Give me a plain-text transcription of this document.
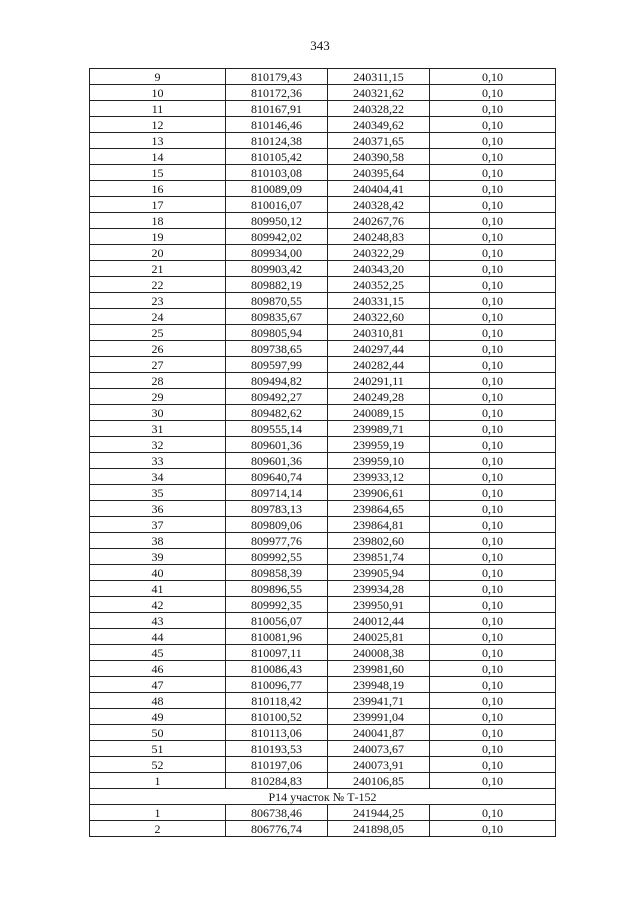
343
9	810179,43	240311,15	0,10
10	810172,36	240321,62	0,10
11	810167,91	240328,22	0,10
12	810146,46	240349,62	0,10
13	810124,38	240371,65	0,10
14	810105,42	240390,58	0,10
15	810103,08	240395,64	0,10
16	810089,09	240404,41	0,10
17	810016,07	240328,42	0,10
18	809950,12	240267,76	0,10
19	809942,02	240248,83	0,10
20	809934,00	240322,29	0,10
21	809903,42	240343,20	0,10
22	809882,19	240352,25	0,10
23	809870,55	240331,15	0,10
24	809835,67	240322,60	0,10
25	809805,94	240310,81	0,10
26	809738,65	240297,44	0,10
27	809597,99	240282,44	0,10
28	809494,82	240291,11	0,10
29	809492,27	240249,28	0,10
30	809482,62	240089,15	0,10
31	809555,14	239989,71	0,10
32	809601,36	239959,19	0,10
33	809601,36	239959,10	0,10
34	809640,74	239933,12	0,10
35	809714,14	239906,61	0,10
36	809783,13	239864,65	0,10
37	809809,06	239864,81	0,10
38	809977,76	239802,60	0,10
39	809992,55	239851,74	0,10
40	809858,39	239905,94	0,10
41	809896,55	239934,28	0,10
42	809992,35	239950,91	0,10
43	810056,07	240012,44	0,10
44	810081,96	240025,81	0,10
45	810097,11	240008,38	0,10
46	810086,43	239981,60	0,10
47	810096,77	239948,19	0,10
48	810118,42	239941,71	0,10
49	810100,52	239991,04	0,10
50	810113,06	240041,87	0,10
51	810193,53	240073,67	0,10
52	810197,06	240073,91	0,10
1	810284,83	240106,85	0,10
Р14 участок № Т-152			
1	806738,46	241944,25	0,10
2	806776,74	241898,05	0,10
